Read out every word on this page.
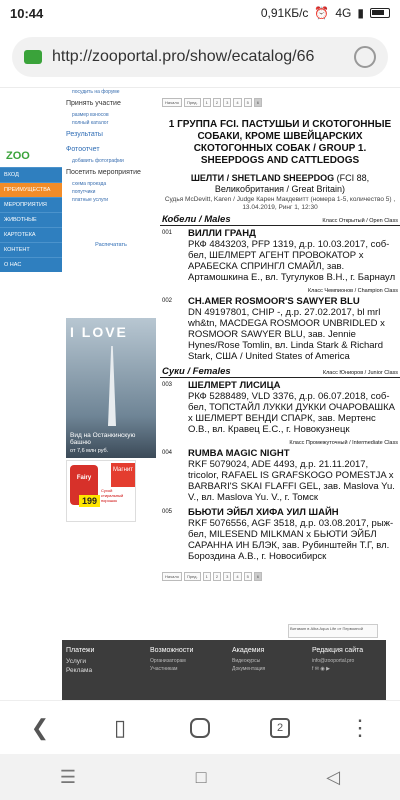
10:44	0,91КБ/с ⏰ 4G ▮
http://zooportal.pro/show/ecatalog/66
ZOO
ВХОД
ПРЕИМУЩЕСТВА
МЕРОПРИЯТИЯ
ЖИВОТНЫЕ
КАРТОТЕКА
КОНТЕНТ
О НАС
посудить на форуме
Принять участие
размер взносов
полный каталог
Результаты
Фотоотчет
добавить фотографии
Посетить мероприятие
схема проезда
попутчики
платные услуги
Распечатать
I LOVE
Вид на Останкинскую башню
от 7,6 млн руб.
Fairy
199
Магнит
Сухой стиральный порошок
Начало	Пред.	1	2	3	4	5	6
1 ГРУППА FCI. ПАСТУШЬИ И СКОТОГОННЫЕ СОБАКИ, КРОМЕ ШВЕЙЦАРСКИХ СКОТОГОННЫХ СОБАК / GROUP 1. SHEEPDOGS AND CATTLEDOGS
ШЕЛТИ / SHETLAND SHEEPDOG (FCI 88, Великобритания / Great Britain)
Судья McDevitt, Karen / Judge Карен Макдевитт (номера 1-5, количество 5) , 13.04.2019, Ринг 1, 12:30
Кобели / Males	Класс Открытый / Open Class
001	ВИЛЛИ ГРАНД
РКФ 4843203, PFP 1319, д.р. 10.03.2017, соб-бел, ШЕЛМЕРТ АГЕНТ ПРОВОКАТОР х АРАБЕСКА СПРИНГЛ СМАЙЛ, зав. Артамошкина Е., вл. Тугулуков В.Н., г. Барнаул
Класс Чемпионов / Champion Class
002	CH.AMER ROSMOOR'S SAWYER BLU
DN 49197801, CHIP -, д.р. 27.02.2017, bl mrl wh&tn, MACDEGA ROSMOOR UNBRIDLED x ROSMOOR SAWYER BLU, зав. Jennie Hynes/Rose Tomlin, вл. Linda Stark & Richard Stark, США / United States of America
Суки / Females	Класс Юниоров / Junior Class
003	ШЕЛМЕРТ ЛИСИЦА
РКФ 5288489, VLD 3376, д.р. 06.07.2018, соб-бел, ТОПСТАЙЛ ЛУККИ ДУККИ ОЧАРОВАШКА х ШЕЛМЕРТ ВЕНДИ СПАРК, зав. Мертенс О.В., вл. Кравец Е.С., г. Новокузнецк
Класс Промежуточный / Intermediate Class
004	RUMBA MAGIC NIGHT
RKF 5079024, ADE 4493, д.р. 21.11.2017, tricolor, RAFAEL IS GRAFSKOGO POMESTJA x BARBARI'S SKAI FLAFFI GEL, зав. Maslova Yu. V., вл. Maslova Yu. V., г. Томск
005	БЬЮТИ ЭЙБЛ ХИФА УИЛ ШАЙН
RKF 5076556, AGF 3518, д.р. 03.08.2017, рыж-бел, MILESEND MILKMAN x БЬЮТИ ЭЙБЛ САРАННА ИН БЛЭК, зав. Рубинштейн Т.Г, вл. Бороздина А.В., г. Новосибирск
Начало	Пред.	1	2	3	4	5	6
Витамин в Alba Aqua Life от Первоиной
Платежи
Услуги
Реклама
Возможности
Организаторам
Участникам
Академия
Видеокурсы
Документация
Редакция сайта
info@zooportal.pro
f ✉ ◉ ▶
❮	▯	2	⋮
☰	□	◁
